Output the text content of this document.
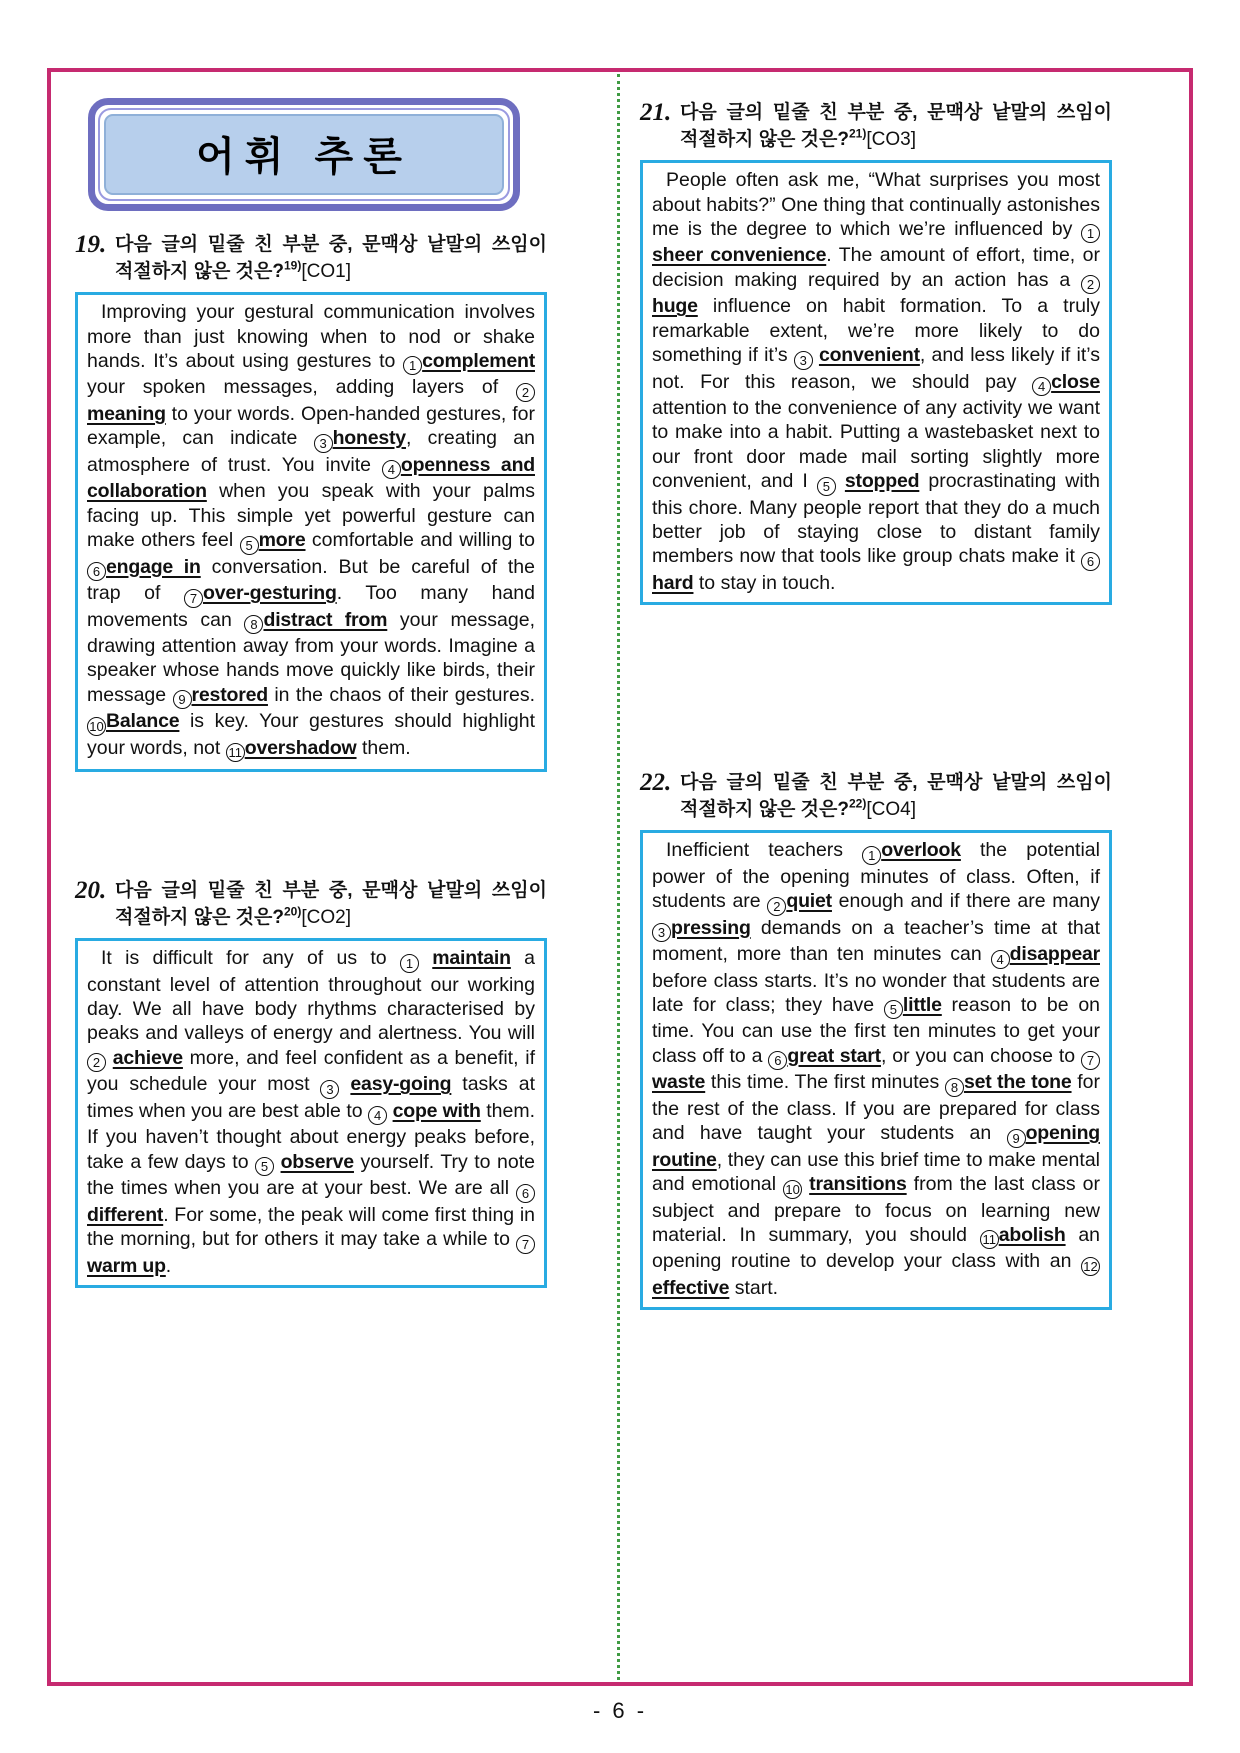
어휘 추론
19. 다음 글의 밑줄 친 부분 중, 문맥상 낱말의 쓰임이 적절하지 않은 것은?$^{19)}$[CO1]

Improving your gestural communication involves more than just knowing when to nod or shake hands. It’s about using gestures to 1 complement your spoken messages, adding layers of 2meaning to your words. Open-handed gestures, for example, can indicate 3 honesty, creating an atmosphere of trust. You invite 4 openness and collaboration when you speak with your palms facing up. This simple yet powerful gesture can make others feel 5 more comfortable and willing to 6 engage in conversation. But be careful of the trap of 7 over-gesturing. Too many hand movements can 8 distract from your message, drawing attention away from your words. Imagine a speaker whose hands move quickly like birds, their message 9 restored in the chaos of their gestures. 10 Balance is key. Your gestures should highlight your words, not 11 overshadow them.

20. 다음 글의 밑줄 친 부분 중, 문맥상 낱말의 쓰임이 적절하지 않은 것은?$^{20)}$[CO2]

It is difficult for any of us to 1 maintain a constant level of attention throughout our working day. We all have body rhythms characterised by peaks and valleys of energy and alertness. You will 2 achieve more, and feel confident as a benefit, if you schedule your most 3 easy-going tasks at times when you are best able to 4 cope with them. If you haven’t thought about energy peaks before, take a few days to 5 observe yourself. Try to note the times when you are at your best. We are all 6 different. For some, the peak will come first thing in the morning, but for others it may take a while to 7 warm up.

21. 다음 글의 밑줄 친 부분 중, 문맥상 낱말의 쓰임이 적절하지 않은 것은?$^{21)}$[CO3]

People often ask me, “What surprises you most about habits?” One thing that continually astonishes me is the degree to which we’re influenced by 1 sheer convenience. The amount of effort, time, or decision making required by an action has a 2huge influence on habit formation. To a truly remarkable extent, we’re more likely to do something if it’s 3 convenient, and less likely if it’s not. For this reason, we should pay 4 close attention to the convenience of any activity we want to make into a habit. Putting a wastebasket next to our front door made mail sorting slightly more convenient, and I 5 stopped procrastinating with this chore. Many people report that they do a much better job of staying close to distant family members now that tools like group chats make it 6hard to stay in touch.

22. 다음 글의 밑줄 친 부분 중, 문맥상 낱말의 쓰임이 적절하지 않은 것은?$^{22)}$[CO4]

Inefficient teachers 1 overlook the potential power of the opening minutes of class. Often, if students are 2 quiet enough and if there are many 3 pressing demands on a teacher’s time at that moment, more than ten minutes can 4 disappear before class starts. It’s no wonder that students are late for class; they have 5 little reason to be on time. You can use the first ten minutes to get your class off to a 6 great start, or you can choose to 7waste this time. The first minutes 8 set the tone for the rest of the class. If you are prepared for class and have taught your students an 9 opening routine, they can use this brief time to make mental and emotional 10 transitions from the last class or subject and prepare to focus on learning new material. In summary, you should 11 abolish an opening routine to develop your class with an 12effective start.

- 6 -
